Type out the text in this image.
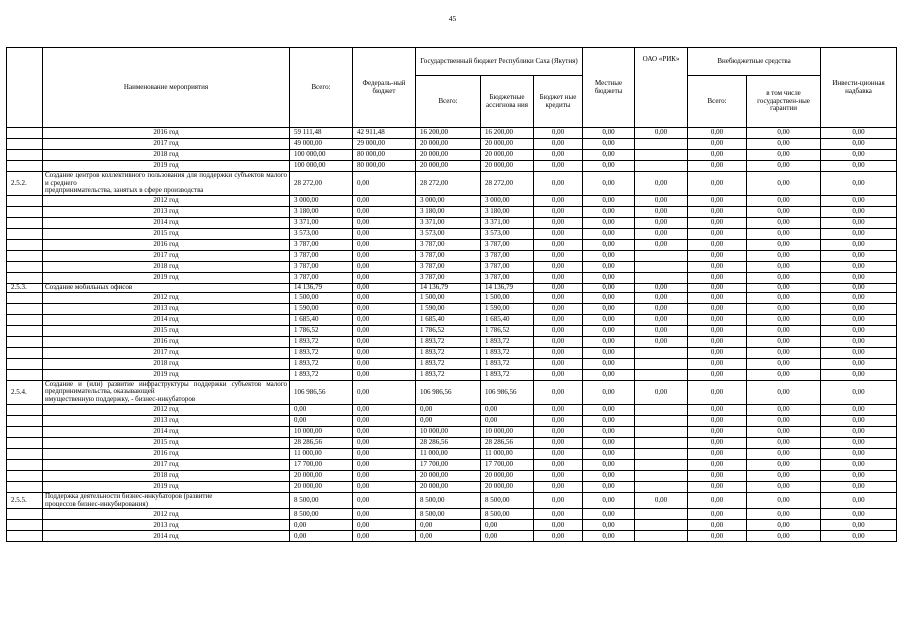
45
	Наименование мероприятия	Всего:	Федераль-ный бюджет	Государственный бюджет Республики Саха (Якутия)			Местные бюджеты	ОАО «РИК»	Внебюджетные средства		Инвести-ционная надбавка
				Всего:	Бюджетные ассигнова ния	Бюджет ные кредиты			Всего:	в том числе государствен-ные гарантии	
	2016 год	59 111,48	42 911,48	16 200,00	16 200,00	0,00	0,00	0,00	0,00	0,00	0,00
	2017 год	49 000,00	29 000,00	20 000,00	20 000,00	0,00	0,00		0,00	0,00	0,00
	2018 год	100 000,00	80 000,00	20 000,00	20 000,00	0,00	0,00		0,00	0,00	0,00
	2019 год	100 000,00	80 000,00	20 000,00	20 000,00	0,00	0,00		0,00	0,00	0,00
2.5.2.	Создание центров коллективного пользования для поддержки субъектов малого и среднего
предпринимательства, занятых в сфере производства	28 272,00	0,00	28 272,00	28 272,00	0,00	0,00	0,00	0,00	0,00	0,00
	2012 год	3 000,00	0,00	3 000,00	3 000,00	0,00	0,00	0,00	0,00	0,00	0,00
	2013 год	3 180,00	0,00	3 180,00	3 180,00	0,00	0,00	0,00	0,00	0,00	0,00
	2014 год	3 371,00	0,00	3 371,00	3 371,00	0,00	0,00	0,00	0,00	0,00	0,00
	2015 год	3 573,00	0,00	3 573,00	3 573,00	0,00	0,00	0,00	0,00	0,00	0,00
	2016 год	3 787,00	0,00	3 787,00	3 787,00	0,00	0,00	0,00	0,00	0,00	0,00
	2017 год	3 787,00	0,00	3 787,00	3 787,00	0,00	0,00		0,00	0,00	0,00
	2018 год	3 787,00	0,00	3 787,00	3 787,00	0,00	0,00		0,00	0,00	0,00
	2019 год	3 787,00	0,00	3 787,00	3 787,00	0,00	0,00		0,00	0,00	0,00
2.5.3.	Создание мобильных офисов	14 136,79	0,00	14 136,79	14 136,79	0,00	0,00	0,00	0,00	0,00	0,00
	2012 год	1 500,00	0,00	1 500,00	1 500,00	0,00	0,00	0,00	0,00	0,00	0,00
	2013 год	1 590,00	0,00	1 590,00	1 590,00	0,00	0,00	0,00	0,00	0,00	0,00
	2014 год	1 685,40	0,00	1 685,40	1 685,40	0,00	0,00	0,00	0,00	0,00	0,00
	2015 год	1 786,52	0,00	1 786,52	1 786,52	0,00	0,00	0,00	0,00	0,00	0,00
	2016 год	1 893,72	0,00	1 893,72	1 893,72	0,00	0,00	0,00	0,00	0,00	0,00
	2017 год	1 893,72	0,00	1 893,72	1 893,72	0,00	0,00		0,00	0,00	0,00
	2018 год	1 893,72	0,00	1 893,72	1 893,72	0,00	0,00		0,00	0,00	0,00
	2019 год	1 893,72	0,00	1 893,72	1 893,72	0,00	0,00		0,00	0,00	0,00
2.5.4.	Создание и (или) развитие инфраструктуры поддержки субъектов малого предпринимательства, оказывающей
имущественную поддержку, - бизнес-инкубаторов	106 986,56	0,00	106 986,56	106 986,56	0,00	0,00	0,00	0,00	0,00	0,00
	2012 год	0,00	0,00	0,00	0,00	0,00	0,00		0,00	0,00	0,00
	2013 год	0,00	0,00	0,00	0,00	0,00	0,00		0,00	0,00	0,00
	2014 год	10 000,00	0,00	10 000,00	10 000,00	0,00	0,00		0,00	0,00	0,00
	2015 год	28 286,56	0,00	28 286,56	28 286,56	0,00	0,00		0,00	0,00	0,00
	2016 год	11 000,00	0,00	11 000,00	11 000,00	0,00	0,00		0,00	0,00	0,00
	2017 год	17 700,00	0,00	17 700,00	17 700,00	0,00	0,00		0,00	0,00	0,00
	2018 год	20 000,00	0,00	20 000,00	20 000,00	0,00	0,00		0,00	0,00	0,00
	2019 год	20 000,00	0,00	20 000,00	20 000,00	0,00	0,00		0,00	0,00	0,00
2.5.5.	Поддержка деятельности бизнес-инкубаторов (развитие
процессов бизнес-инкубирования)	8 500,00	0,00	8 500,00	8 500,00	0,00	0,00	0,00	0,00	0,00	0,00
	2012 год	8 500,00	0,00	8 500,00	8 500,00	0,00	0,00		0,00	0,00	0,00
	2013 год	0,00	0,00	0,00	0,00	0,00	0,00		0,00	0,00	0,00
	2014 год	0,00	0,00	0,00	0,00	0,00	0,00		0,00	0,00	0,00
